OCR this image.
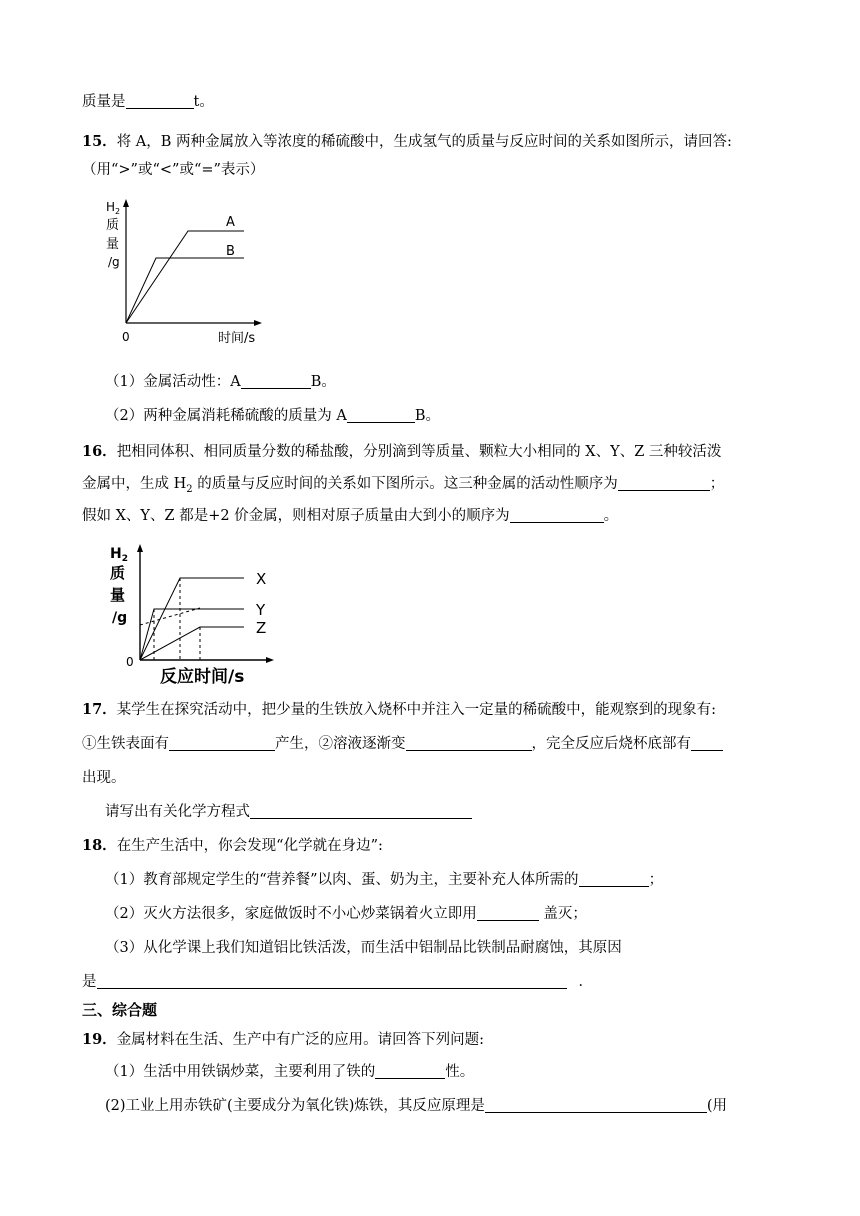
质量是	t。
15．将 A，B 两种金属放入等浓度的稀硫酸中，生成氢气的质量与反应时间的关系如图所示，请回答:
（用“>”或“<”或“=”表示）
$H_2$
质
量
/g
0	时间/s
A
B
（1）金属活动性：A	B。
（2）两种金属消耗稀硫酸的质量为 A	B。
16．把相同体积、相同质量分数的稀盐酸，分别滴到等质量、颗粒大小相同的 X、Y、Z 三种较活泼
金属中，生成 $H_2$ 的质量与反应时间的关系如下图所示。这三种金属的活动性顺序为	；
假如 X、Y、Z 都是+2 价金属，则相对原子质量由大到小的顺序为	。
$H_2$
质
量
/g
0
反应时间/s
X
Y
Z
17．某学生在探究活动中，把少量的生铁放入烧杯中并注入一定量的稀硫酸中，能观察到的现象有:
①生铁表面有	产生，②溶液逐渐变	，完全反应后烧杯底部有
出现。
请写出有关化学方程式
18．在生产生活中，你会发现“化学就在身边”:
（1）教育部规定学生的“营养餐”以肉、蛋、奶为主，主要补充人体所需的	；
（2）灭火方法很多，家庭做饭时不小心炒菜锅着火立即用	盖灭；
（3）从化学课上我们知道铝比铁活泼，而生活中铝制品比铁制品耐腐蚀，其原因
是	．
三、综合题
19．金属材料在生活、生产中有广泛的应用。请回答下列问题:
（1）生活中用铁锅炒菜，主要利用了铁的	性。
(2)工业上用赤铁矿(主要成分为氧化铁)炼铁，其反应原理是	(用
